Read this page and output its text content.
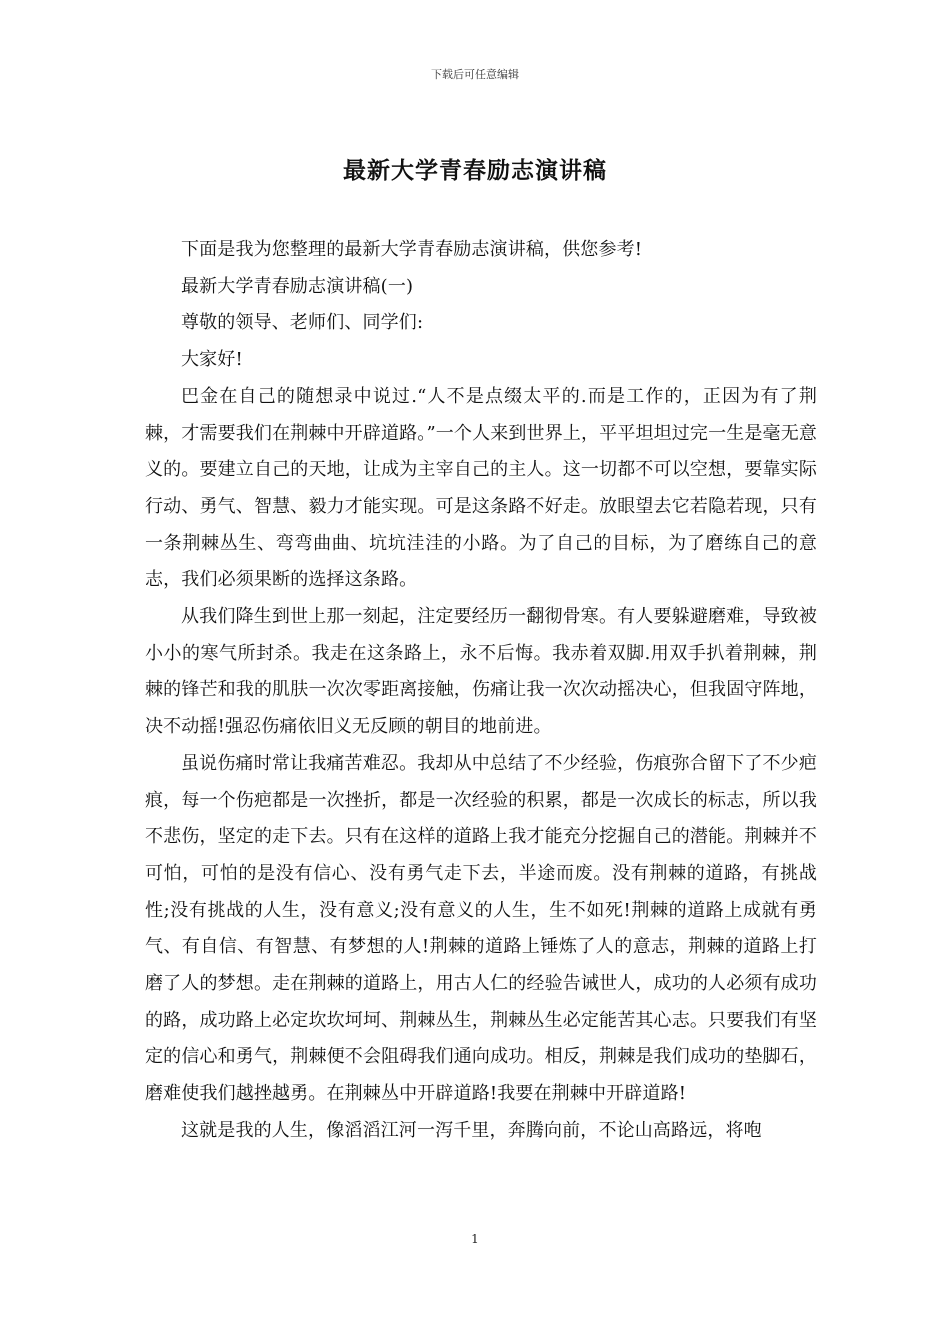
下载后可任意编辑
最新大学青春励志演讲稿

下面是我为您整理的最新大学青春励志演讲稿，供您参考!

最新大学青春励志演讲稿(一)

尊敬的领导、老师们、同学们:

大家好!

巴金在自己的随想录中说过.“人不是点缀太平的.而是工作的，正因为有了荆棘，才需要我们在荆棘中开辟道路。”一个人来到世界上，平平坦坦过完一生是毫无意义的。要建立自己的天地，让成为主宰自己的主人。这一切都不可以空想，要靠实际行动、勇气、智慧、毅力才能实现。可是这条路不好走。放眼望去它若隐若现，只有一条荆棘丛生、弯弯曲曲、坑坑洼洼的小路。为了自己的目标，为了磨练自己的意志，我们必须果断的选择这条路。

从我们降生到世上那一刻起，注定要经历一翻彻骨寒。有人要躲避磨难，导致被小小的寒气所封杀。我走在这条路上，永不后悔。我赤着双脚.用双手扒着荆棘，荆棘的锋芒和我的肌肤一次次零距离接触，伤痛让我一次次动摇决心，但我固守阵地，决不动摇!强忍伤痛依旧义无反顾的朝目的地前进。

虽说伤痛时常让我痛苦难忍。我却从中总结了不少经验，伤痕弥合留下了不少疤痕，每一个伤疤都是一次挫折，都是一次经验的积累，都是一次成长的标志，所以我不悲伤，坚定的走下去。只有在这样的道路上我才能充分挖掘自己的潜能。荆棘并不可怕，可怕的是没有信心、没有勇气走下去，半途而废。没有荆棘的道路，有挑战性;没有挑战的人生，没有意义;没有意义的人生，生不如死!荆棘的道路上成就有勇气、有自信、有智慧、有梦想的人!荆棘的道路上锤炼了人的意志，荆棘的道路上打磨了人的梦想。走在荆棘的道路上，用古人仁的经验告诫世人，成功的人必须有成功的路，成功路上必定坎坎坷坷、荆棘丛生，荆棘丛生必定能苦其心志。只要我们有坚定的信心和勇气，荆棘便不会阻碍我们通向成功。相反，荆棘是我们成功的垫脚石，磨难使我们越挫越勇。在荆棘丛中开辟道路!我要在荆棘中开辟道路!

这就是我的人生，像滔滔江河一泻千里，奔腾向前，不论山高路远，将咆

1
